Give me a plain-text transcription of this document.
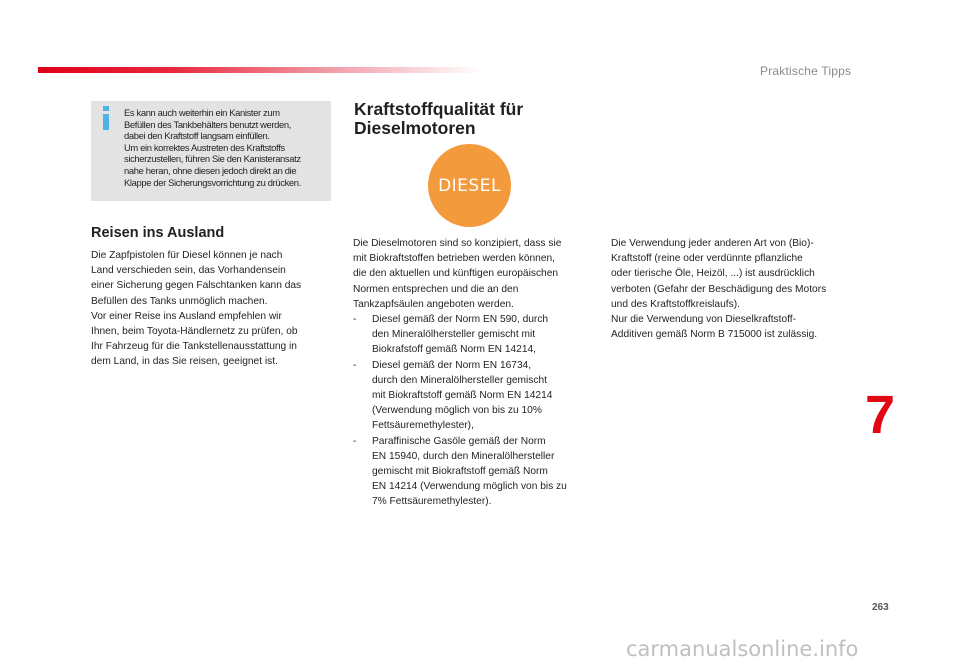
Praktische Tipps
Es kann auch weiterhin ein Kanister zum
Befüllen des Tankbehälters benutzt werden,
dabei den Kraftstoff langsam einfüllen.
Um ein korrektes Austreten des Kraftstoffs
sicherzustellen, führen Sie den Kanisteransatz
nahe heran, ohne diesen jedoch direkt an die
Klappe der Sicherungsvorrichtung zu drücken.
Reisen ins Ausland
Die Zapfpistolen für Diesel können je nach
Land verschieden sein, das Vorhandensein
einer Sicherung gegen Falschtanken kann das
Befüllen des Tanks unmöglich machen.
Vor einer Reise ins Ausland empfehlen wir
Ihnen, beim Toyota-Händlernetz zu prüfen, ob
Ihr Fahrzeug für die Tankstellenausstattung in
dem Land, in das Sie reisen, geeignet ist.
Kraftstoffqualität für
Dieselmotoren
DIESEL
Die Dieselmotoren sind so konzipiert, dass sie
mit Biokraftstoffen betrieben werden können,
die den aktuellen und künftigen europäischen
Normen entsprechen und die an den
Tankzapfsäulen angeboten werden.
-	Diesel gemäß der Norm EN 590, durch
den Mineralölhersteller gemischt mit
Biokrafstoff gemäß Norm EN 14214,
-	Diesel gemäß der Norm EN 16734,
durch den Mineralölhersteller gemischt
mit Biokraftstoff gemäß Norm EN 14214
(Verwendung möglich von bis zu 10%
Fettsäuremethylester),
-	Paraffinische Gasöle gemäß der Norm
EN 15940, durch den Mineralölhersteller
gemischt mit Biokraftstoff gemäß Norm
EN 14214 (Verwendung möglich von bis zu
7% Fettsäuremethylester).
Die Verwendung jeder anderen Art von (Bio)-
Kraftstoff (reine oder verdünnte pflanzliche
oder tierische Öle, Heizöl, ...) ist ausdrücklich
verboten (Gefahr der Beschädigung des Motors
und des Kraftstoffkreislaufs).
Nur die Verwendung von Dieselkraftstoff-
Additiven gemäß Norm B 715000 ist zulässig.
7
263
carmanualsonline.info
